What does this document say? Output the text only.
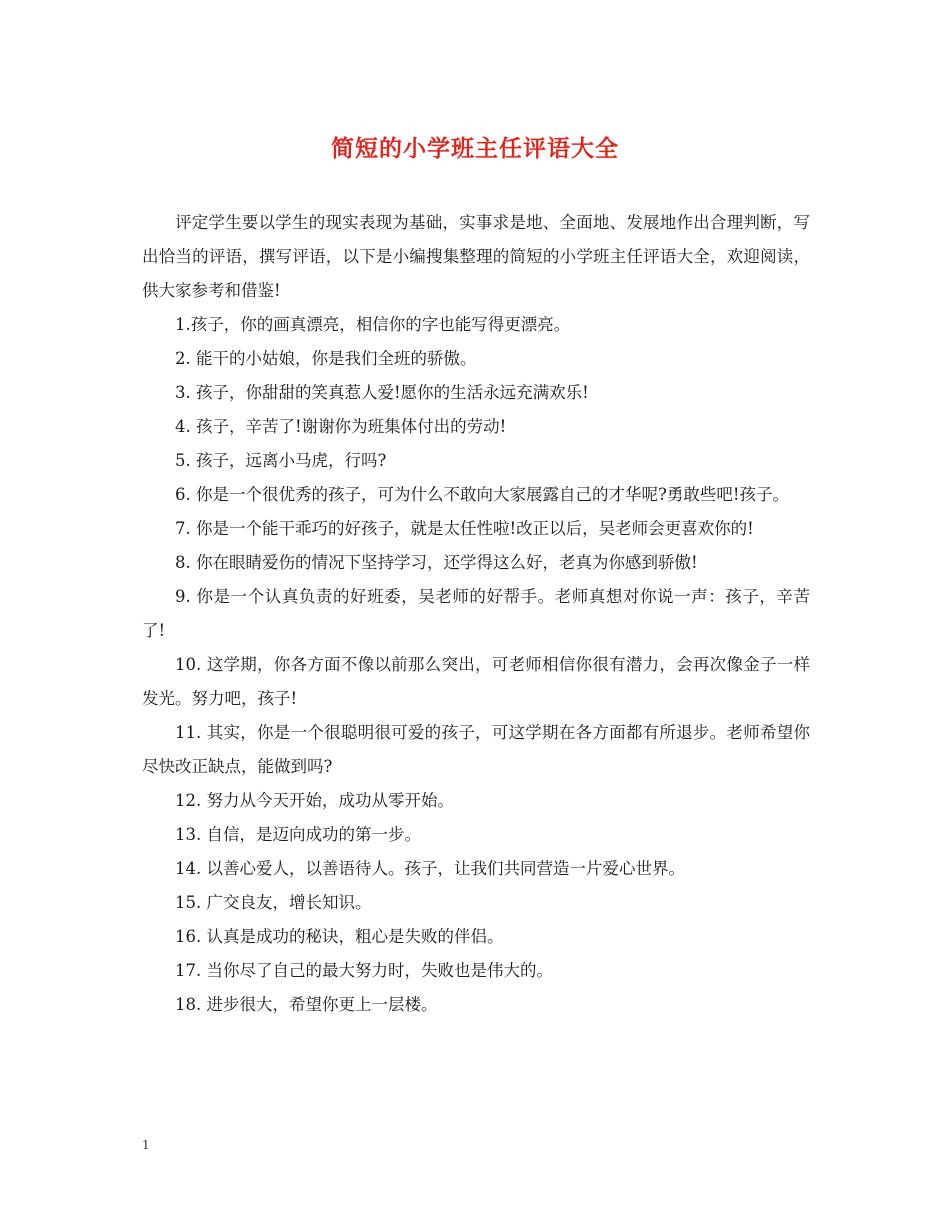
简短的小学班主任评语大全

评定学生要以学生的现实表现为基础，实事求是地、全面地、发展地作出合理判断，写出恰当的评语，撰写评语，以下是小编搜集整理的简短的小学班主任评语大全，欢迎阅读，供大家参考和借鉴!

1.孩子，你的画真漂亮，相信你的字也能写得更漂亮。

2. 能干的小姑娘，你是我们全班的骄傲。

3. 孩子，你甜甜的笑真惹人爱!愿你的生活永远充满欢乐!

4. 孩子，辛苦了!谢谢你为班集体付出的劳动!

5. 孩子，远离小马虎，行吗?

6. 你是一个很优秀的孩子，可为什么不敢向大家展露自己的才华呢?勇敢些吧!孩子。

7. 你是一个能干乖巧的好孩子，就是太任性啦!改正以后，吴老师会更喜欢你的!

8. 你在眼睛爱伤的情况下坚持学习，还学得这么好，老真为你感到骄傲!

9. 你是一个认真负责的好班委，吴老师的好帮手。老师真想对你说一声：孩子，辛苦了!

10. 这学期，你各方面不像以前那么突出，可老师相信你很有潜力，会再次像金子一样发光。努力吧，孩子!

11. 其实，你是一个很聪明很可爱的孩子，可这学期在各方面都有所退步。老师希望你尽快改正缺点，能做到吗?

12. 努力从今天开始，成功从零开始。

13. 自信，是迈向成功的第一步。

14. 以善心爱人，以善语待人。孩子，让我们共同营造一片爱心世界。

15. 广交良友，增长知识。

16. 认真是成功的秘诀，粗心是失败的伴侣。

17. 当你尽了自己的最大努力时，失败也是伟大的。

18. 进步很大，希望你更上一层楼。

1
